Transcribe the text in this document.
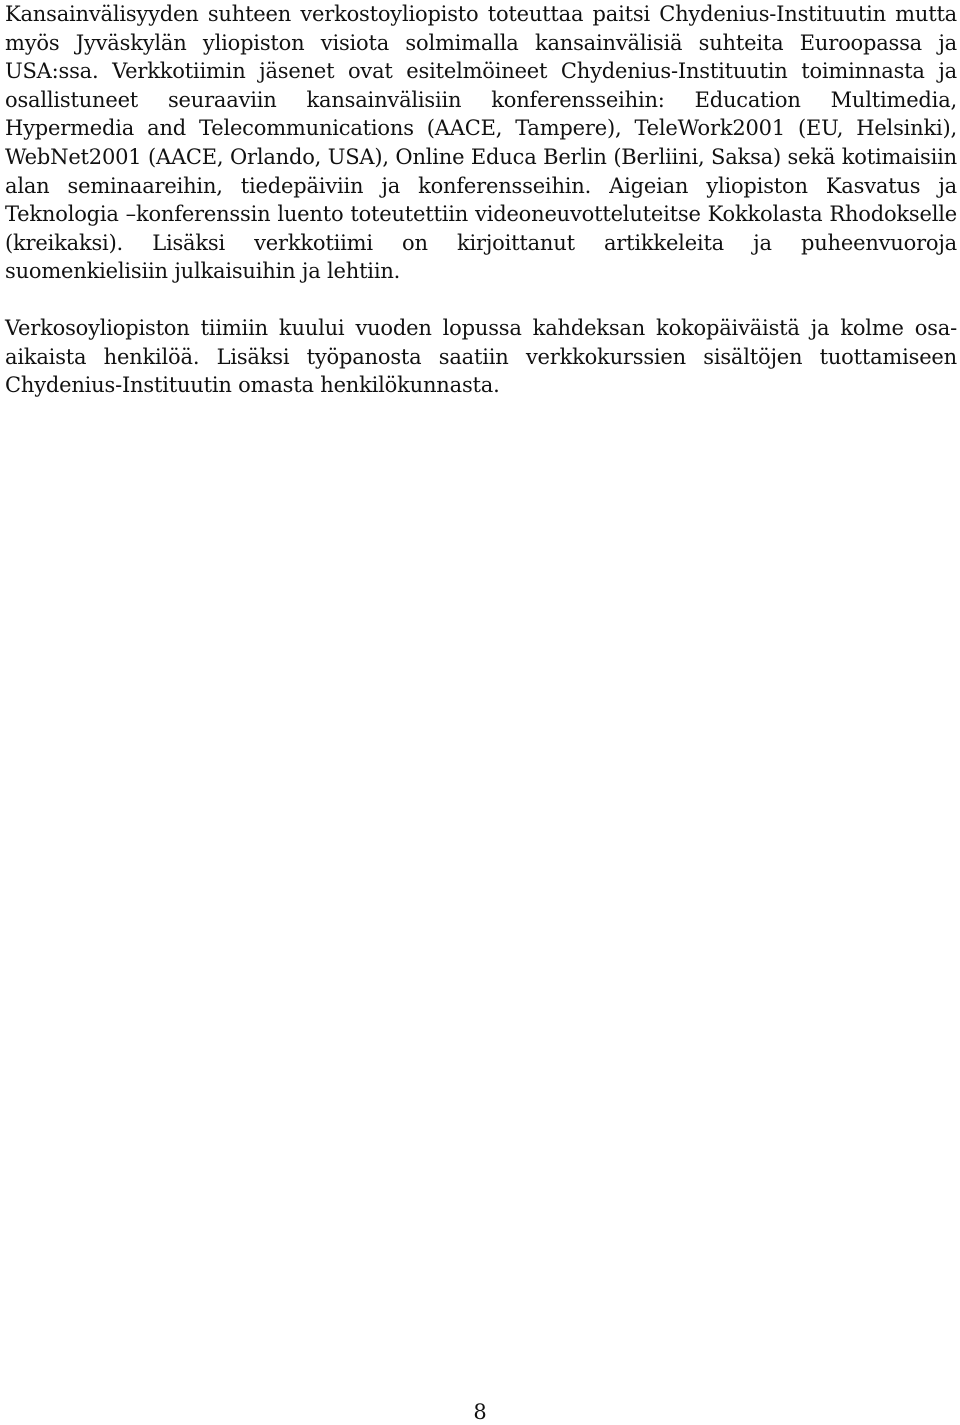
Kansainvälisyyden suhteen verkostoyliopisto toteuttaa paitsi Chydenius-Instituutin mutta myös Jyväskylän yliopiston visiota solmimalla kansainvälisiä suhteita Euroopassa ja USA:ssa. Verkkotiimin jäsenet ovat esitelmöineet Chydenius-Instituutin toiminnasta ja osallistuneet seuraaviin kansainvälisiin konferensseihin: Education Multimedia, Hypermedia and Telecommunications (AACE, Tampere), TeleWork2001 (EU, Helsinki), WebNet2001 (AACE, Orlando, USA), Online Educa Berlin (Berliini, Saksa) sekä kotimaisiin alan seminaareihin, tiedepäiviin ja konferensseihin. Aigeian yliopiston Kasvatus ja Teknologia –konferenssin luento toteutettiin videoneuvotteluteitse Kokkolasta Rhodokselle (kreikaksi). Lisäksi verkkotiimi on kirjoittanut artikkeleita ja puheenvuoroja suomenkielisiin julkaisuihin ja lehtiin.

Verkosoyliopiston tiimiin kuului vuoden lopussa kahdeksan kokopäiväistä ja kolme osa-aikaista henkilöä. Lisäksi työpanosta saatiin verkkokurssien sisältöjen tuottamiseen Chydenius-Instituutin omasta henkilökunnasta.

8
